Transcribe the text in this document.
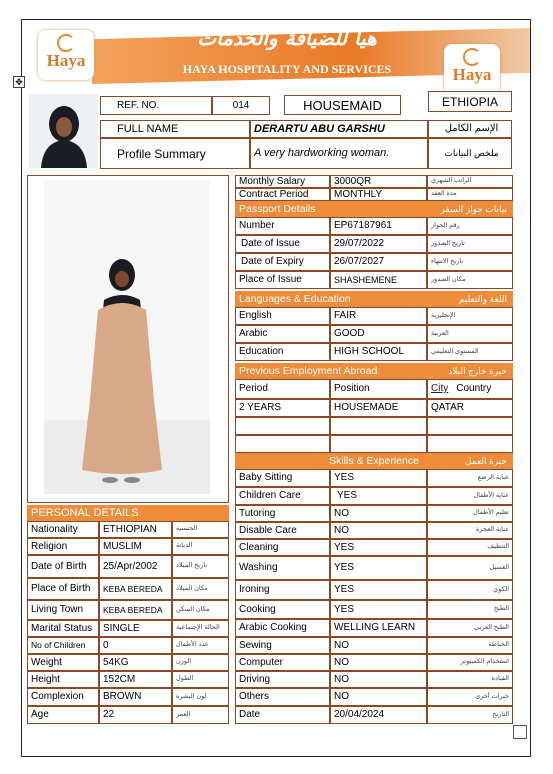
Haya
Haya
هيا للضيافة والخدمات
HAYA HOSPITALITY AND SERVICES
✥
REF. NO.	014	HOUSEMAID	ETHIOPIA
FULL NAME	DERARTU ABU GARSHU	الإسم الكامل
Profile Summary	A very hardworking woman.	ملخص البيانات
Monthly Salary	3000QR	الراتب الشهري
Contract Period	MONTHLY	مدة العقد
Passport Details	بيانات جواز السفر
Number	EP67187961	رقم الجواز
Date of Issue	29/07/2022	تاريخ الصدور
Date of Expiry	26/07/2027	تاريخ الانتهاء
Place of Issue	SHASHEMENE	مكان الصدور
Languages & Education	اللغة والتعليم
English	FAIR	الإنجليزية
Arabic	GOOD	العربية
Education	HIGH SCHOOL	المستوى التعليمي
Previous Employment Abroad	خبرة خارج البلاد
Period	Position	City Country
2 YEARS	HOUSEMADE	QATAR
Skills & Experience	خبرة العمل
Baby Sitting	YES	عناية الرضع
Children Care	YES	عناية الأطفال
Tutoring	NO	تعليم الأطفال
Disable Care	NO	عناية العجزة
Cleaning	YES	التنظيف
Washing	YES	الغسيل
Ironing	YES	الكوي
Cooking	YES	الطبخ
Arabic Cooking	WELLING LEARN	الطبخ العربي
Sewing	NO	الخياطة
Computer	NO	استخدام الكمبيوتر
Driving	NO	القيادة
Others	NO	خبرات أخرى
Date	20/04/2024	التاريخ
PERSONAL DETAILS
Nationality	ETHIOPIAN	الجنسية
Religion	MUSLIM	الديانة
Date of Birth	25/Apr/2002	تاريخ الميلاد
Place of Birth	KEBA BEREDA	مكان الميلاد
Living Town	KEBA BEREDA	مكان السكن
Marital Status	SINGLE	الحالة الإجتماعية
No of Children	0	عدد الأطفال
Weight	54KG	الوزن
Height	152CM	الطول
Complexion	BROWN	لون البشرة
Age	22	العمر
